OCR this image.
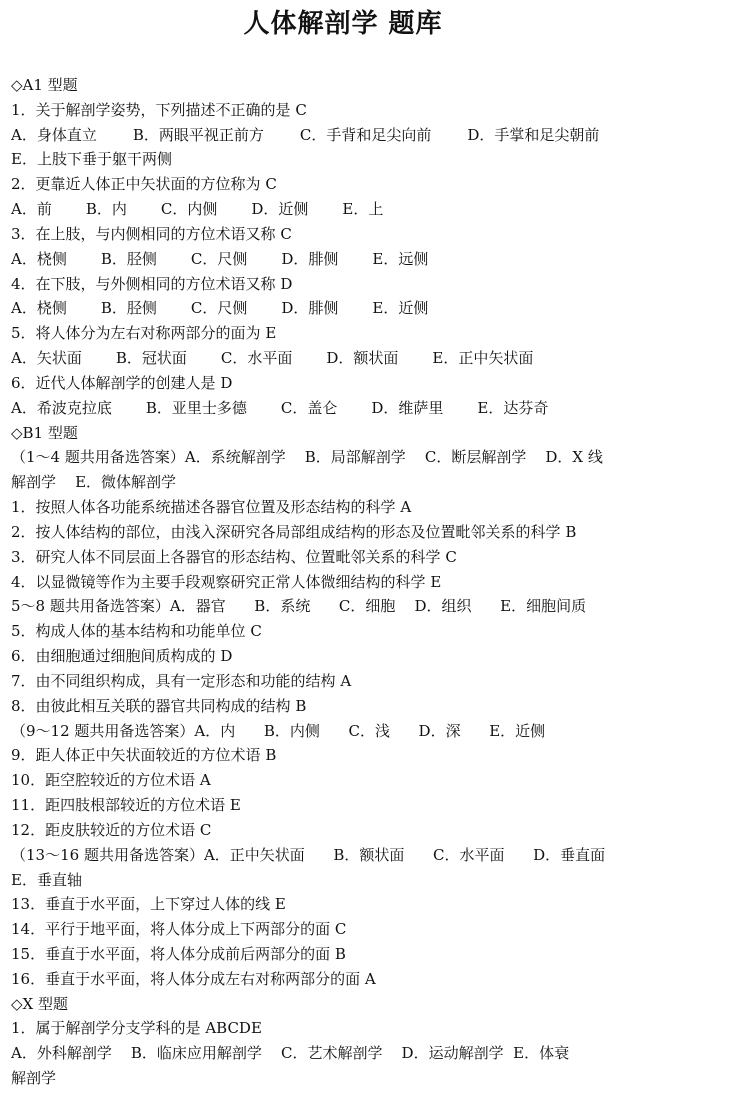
人体解剖学 题库
◇A1 型题
1．关于解剖学姿势，下列描述不正确的是 C
A．身体直立 B．两眼平视正前方 C．手背和足尖向前 D．手掌和足尖朝前
E．上肢下垂于躯干两侧
2．更靠近人体正中矢状面的方位称为 C
A．前 B．内 C．内侧 D．近侧 E．上
3．在上肢，与内侧相同的方位术语又称 C
A．桡侧 B．胫侧 C．尺侧 D．腓侧 E．远侧
4．在下肢，与外侧相同的方位术语又称 D
A．桡侧 B．胫侧 C．尺侧 D．腓侧 E．近侧
5．将人体分为左右对称两部分的面为 E
A．矢状面 B．冠状面 C．水平面 D．额状面 E．正中矢状面
6．近代人体解剖学的创建人是 D
A．希波克拉底 B．亚里士多德 C．盖仑 D．维萨里 E．达芬奇
◇B1 型题
（1～4 题共用备选答案）A．系统解剖学    B．局部解剖学    C．断层解剖学    D．X 线
解剖学    E．微体解剖学
1．按照人体各功能系统描述各器官位置及形态结构的科学 A
2．按人体结构的部位，由浅入深研究各局部组成结构的形态及位置毗邻关系的科学 B
3．研究人体不同层面上各器官的形态结构、位置毗邻关系的科学 C
4．以显微镜等作为主要手段观察研究正常人体微细结构的科学 E
5～8 题共用备选答案）A．器官      B．系统      C．细胞    D．组织      E．细胞间质
5．构成人体的基本结构和功能单位 C
6．由细胞通过细胞间质构成的 D
7．由不同组织构成，具有一定形态和功能的结构 A
8．由彼此相互关联的器官共同构成的结构 B
（9～12 题共用备选答案）A．内      B．内侧      C．浅      D．深      E．近侧
9．距人体正中矢状面较近的方位术语 B
10．距空腔较近的方位术语 A
11．距四肢根部较近的方位术语 E
12．距皮肤较近的方位术语 C
（13～16 题共用备选答案）A．正中矢状面      B．额状面      C．水平面      D．垂直面
E．垂直轴
13．垂直于水平面，上下穿过人体的线 E
14．平行于地平面，将人体分成上下两部分的面 C
15．垂直于水平面，将人体分成前后两部分的面 B
16．垂直于水平面，将人体分成左右对称两部分的面 A
◇X 型题
1．属于解剖学分支学科的是 ABCDE
A．外科解剖学    B．临床应用解剖学    C．艺术解剖学    D．运动解剖学  E．体衰
解剖学
